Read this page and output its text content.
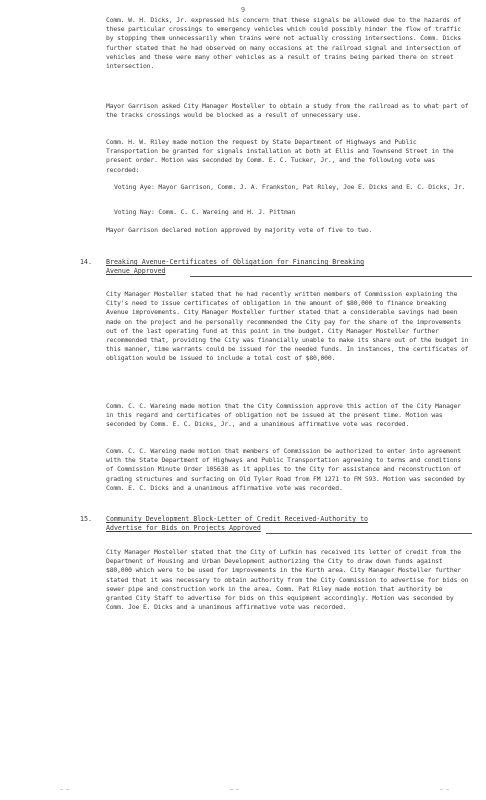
9

Comm. W. H. Dicks, Jr. expressed his concern that these signals be allowed due to the hazards of these particular crossings to emergency vehicles which could possibly hinder the flow of traffic by stopping them unnecessarily when trains were not actually crossing intersections. Comm. Dicks further stated that he had observed on many occasions at the railroad signal and intersection of vehicles and these were many other vehicles as a result of trains being parked there on street intersection.

Mayor Garrison asked City Manager Mosteller to obtain a study from the railroad as to what part of the tracks crossings would be blocked as a result of unnecessary use.

Comm. H. W. Riley made motion the request by State Department of Highways and Public Transportation be granted for signals installation at both at Ellis and Townsend Street in the present order. Motion was seconded by Comm. E. C. Tucker, Jr., and the following vote was recorded:

Voting Aye: Mayor Garrison, Comm. J. A. Frankston, Pat Riley, Joe E. Dicks and E. C. Dicks, Jr.

Voting Nay: Comm. C. C. Wareing and H. J. Pittman

Mayor Garrison declared motion approved by majority vote of five to two.

14. Breaking Avenue-Certificates of Obligation for Financing Breaking
Avenue Approved

City Manager Mosteller stated that he had recently written members of Commission explaining the City's need to issue certificates of obligation in the amount of $80,000 to finance breaking Avenue improvements. City Manager Mosteller further stated that a considerable savings had been made on the project and he personally recommended the City pay for the share of the improvements out of the last operating fund at this point in the budget. City Manager Mosteller further recommended that, providing the City was financially unable to make its share out of the budget in this manner, time warrants could be issued for the needed funds. In instances, the certificates of obligation would be issued to include a total cost of $80,000.

Comm. C. C. Wareing made motion that the City Commission approve this action of the City Manager in this regard and certificates of obligation not be issued at the present time. Motion was seconded by Comm. E. C. Dicks, Jr., and a unanimous affirmative vote was recorded.

Comm. C. C. Wareing made motion that members of Commission be authorized to enter into agreement with the State Department of Highways and Public Transportation agreeing to terms and conditions of Commission Minute Order 105638 as it applies to the City for assistance and reconstruction of grading structures and surfacing on Old Tyler Road from FM 1271 to FM 593. Motion was seconded by Comm. E. C. Dicks and a unanimous affirmative vote was recorded.

15. Community Development Block-Letter of Credit Received-Authority to
Advertise for Bids on Projects Approved

City Manager Mosteller stated that the City of Lufkin has received its letter of credit from the Department of Housing and Urban Development authorizing the City to draw down funds against $80,000 which were to be used for improvements in the Kurth area. City Manager Mosteller further stated that it was necessary to obtain authority from the City Commission to advertise for bids on sewer pipe and construction work in the area. Comm. Pat Riley made motion that authority be granted City Staff to advertise for bids on this equipment accordingly. Motion was seconded by Comm. Joe E. Dicks and a unanimous affirmative vote was recorded.

— —	— —	— —
